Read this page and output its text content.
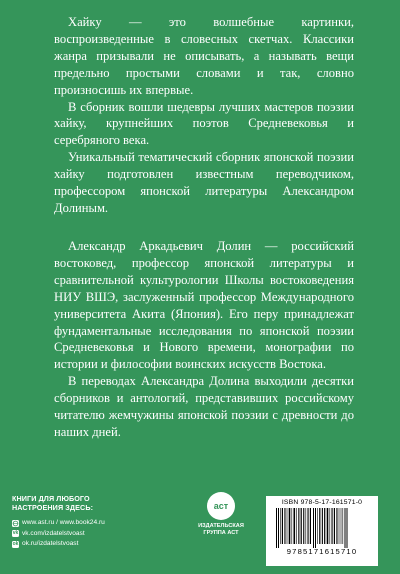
Хайку — это волшебные картинки, воспроизведенные в словесных скетчах. Классики жанра призывали не описывать, а называть вещи предельно простыми словами и так, словно произносишь их впервые.

В сборник вошли шедевры лучших мастеров поэзии хайку, крупнейших поэтов Средневековья и серебряного века.

Уникальный тематический сборник японской поэзии хайку подготовлен известным переводчиком, профессором японской литературы Александром Долиным.

Александр Аркадьевич Долин — российский востоковед, профессор японской литературы и сравнительной культурологии Школы востоковедения НИУ ВШЭ, заслуженный профессор Международного университета Акита (Япония). Его перу принадлежат фундаментальные исследования по японской поэзии Средневековья и Нового времени, монографии по истории и философии воинских искусств Востока.

В переводах Александра Долина выходили десятки сборников и антологий, представивших российскому читателю жемчужины японской поэзии с древности до наших дней.

КНИГИ ДЛЯ ЛЮБОГО
НАСТРОЕНИЯ ЗДЕСЬ:
www.ast.ru / www.book24.ru
vk vk.com/izdatelstvoast
ok ok.ru/izdatelstvoast
аст
ИЗДАТЕЛЬСКАЯ
ГРУППА АСТ
ISBN 978-5-17-161571-0
9785171615710
